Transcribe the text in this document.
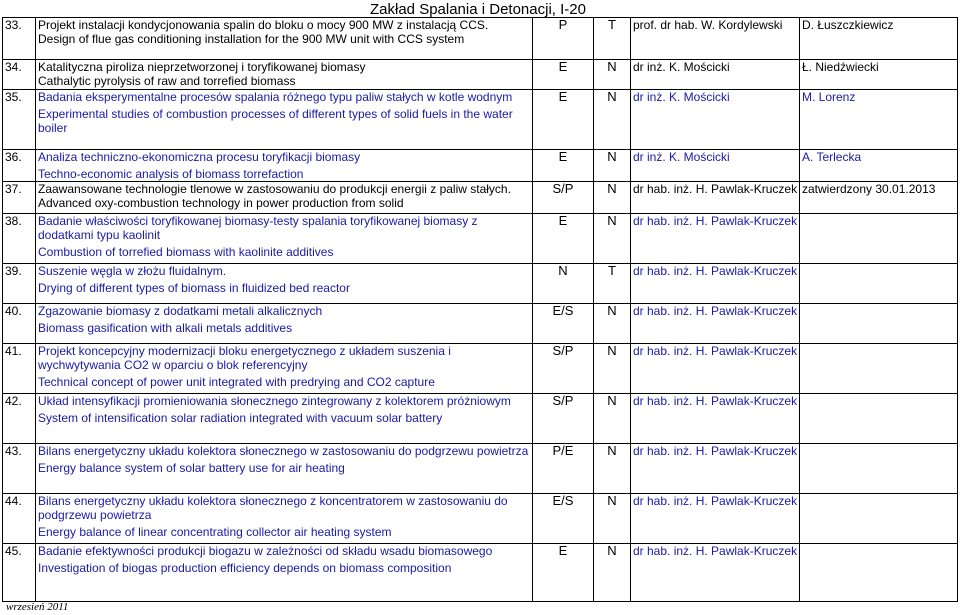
Zakład Spalania i Detonacji, I-20
33.	Projekt instalacji kondycjonowania spalin do bloku o mocy 900 MW z instalacją CCS.
Design of flue gas conditioning installation for the 900 MW unit with CCS system	P	T	prof. dr hab. W. Kordylewski	D. Łuszczkiewicz
34.	Katalityczna piroliza nieprzetworzonej i toryfikowanej biomasy
Cathalytic pyrolysis of raw and torrefied biomass	E	N	dr inż. K. Mościcki	Ł. Niedźwiecki
35.	Badania eksperymentalne procesów spalania różnego typu paliw stałych w kotle wodnym
Experimental studies of combustion processes of different types of solid fuels in the water boiler	E	N	dr inż. K. Mościcki	M. Lorenz
36.	Analiza techniczno-ekonomiczna procesu toryfikacji biomasy
Techno-economic analysis of biomass torrefaction	E	N	dr inż. K. Mościcki	A. Terlecka
37.	Zaawansowane technologie tlenowe w zastosowaniu do produkcji energii z paliw stałych.
Advanced oxy-combustion technology in power production from solid	S/P	N	dr hab. inż. H. Pawlak-Kruczek	zatwierdzony 30.01.2013
38.	Badanie właściwości toryfikowanej biomasy-testy spalania toryfikowanej biomasy z dodatkami typu kaolinit
Combustion of torrefied biomass with kaolinite additives	E	N	dr hab. inż. H. Pawlak-Kruczek	
39.	Suszenie węgla w złożu fluidalnym.
Drying of different types of biomass in fluidized bed reactor	N	T	dr hab. inż. H. Pawlak-Kruczek	
40.	Zgazowanie biomasy z dodatkami metali alkalicznych
Biomass gasification with alkali metals additives	E/S	N	dr hab. inż. H. Pawlak-Kruczek	
41.	Projekt koncepcyjny modernizacji bloku energetycznego z układem suszenia i wychwytywania CO2 w oparciu o blok referencyjny
Technical concept of power unit integrated with predrying and CO2 capture	S/P	N	dr hab. inż. H. Pawlak-Kruczek	
42.	Układ intensyfikacji promieniowania słonecznego zintegrowany z kolektorem próżniowym
System of intensification solar radiation integrated with vacuum solar battery	S/P	N	dr hab. inż. H. Pawlak-Kruczek	
43.	Bilans energetyczny układu kolektora słonecznego w zastosowaniu do podgrzewu powietrza
Energy balance system of solar battery use for air heating	P/E	N	dr hab. inż. H. Pawlak-Kruczek	
44.	Bilans energetyczny układu kolektora słonecznego z koncentratorem w zastosowaniu do podgrzewu powietrza
Energy balance of linear concentrating collector air heating system	E/S	N	dr hab. inż. H. Pawlak-Kruczek	
45.	Badanie efektywności produkcji biogazu w zależności od składu wsadu biomasowego
Investigation of biogas production efficiency depends on biomass composition	E	N	dr hab. inż. H. Pawlak-Kruczek	
wrzesień 2011
